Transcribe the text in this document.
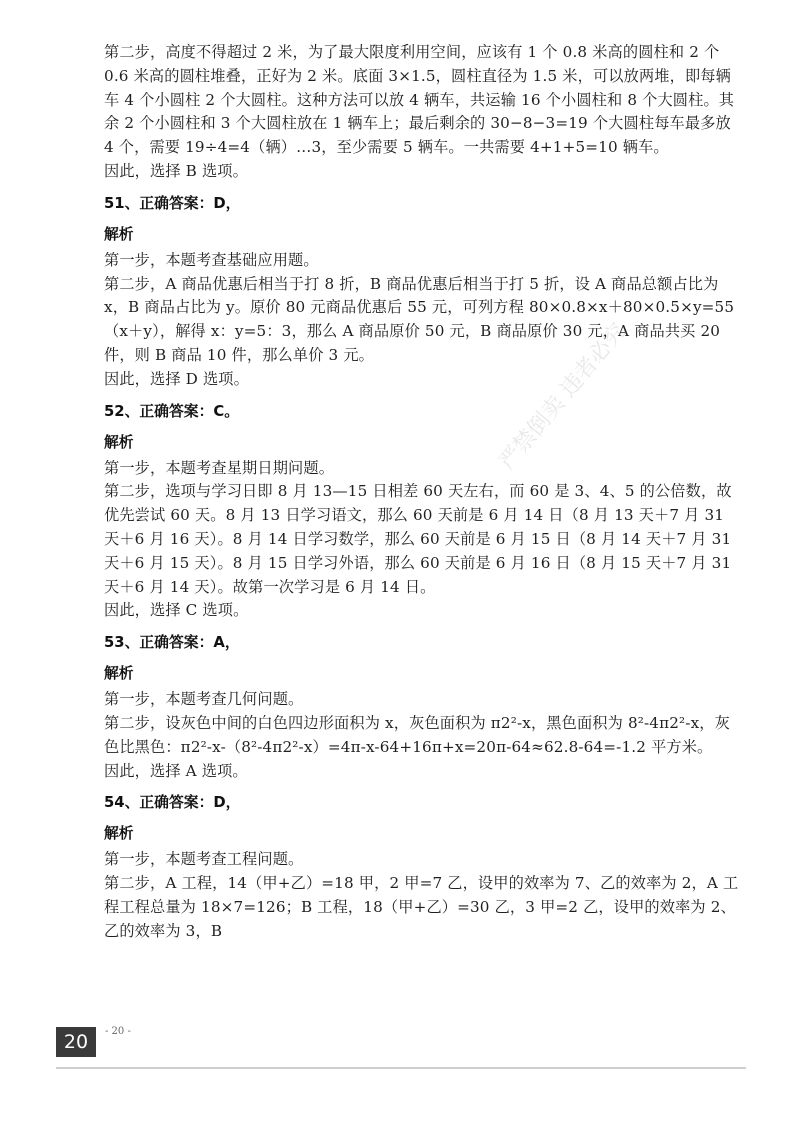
第二步，高度不得超过 2 米，为了最大限度利用空间，应该有 1 个 0.8 米高的圆柱和 2 个 0.6 米高的圆柱堆叠，正好为 2 米。底面 3×1.5，圆柱直径为 1.5 米，可以放两堆，即每辆车 4 个小圆柱 2 个大圆柱。这种方法可以放 4 辆车，共运输 16 个小圆柱和 8 个大圆柱。其余 2 个小圆柱和 3 个大圆柱放在 1 辆车上；最后剩余的 30−8−3=19 个大圆柱每车最多放 4 个，需要 19÷4=4（辆）…3，至少需要 5 辆车。一共需要 4+1+5=10 辆车。

因此，选择 B 选项。

51、正确答案：D，

解析

第一步，本题考查基础应用题。

第二步，A 商品优惠后相当于打 8 折，B 商品优惠后相当于打 5 折，设 A 商品总额占比为 x，B 商品占比为 y。原价 80 元商品优惠后 55 元，可列方程 80×0.8×x＋80×0.5×y=55（x＋y），解得 x：y=5：3，那么 A 商品原价 50 元，B 商品原价 30 元，A 商品共买 20 件，则 B 商品 10 件，那么单价 3 元。

因此，选择 D 选项。

52、正确答案：C。

解析

第一步，本题考查星期日期问题。

第二步，选项与学习日即 8 月 13—15 日相差 60 天左右，而 60 是 3、4、5 的公倍数，故优先尝试 60 天。8 月 13 日学习语文，那么 60 天前是 6 月 14 日（8 月 13 天＋7 月 31 天＋6 月 16 天）。8 月 14 日学习数学，那么 60 天前是 6 月 15 日（8 月 14 天＋7 月 31 天＋6 月 15 天）。8 月 15 日学习外语，那么 60 天前是 6 月 16 日（8 月 15 天＋7 月 31 天＋6 月 14 天）。故第一次学习是 6 月 14 日。

因此，选择 C 选项。

53、正确答案：A，

解析

第一步，本题考查几何问题。

第二步，设灰色中间的白色四边形面积为 x，灰色面积为 π2²-x，黑色面积为 8²-4π2²-x，灰色比黑色：π2²-x-（8²-4π2²-x）=4π-x-64+16π+x=20π-64≈62.8-64=-1.2 平方米。

因此，选择 A 选项。

54、正确答案：D，

解析

第一步，本题考查工程问题。

第二步，A 工程，14（甲+乙）=18 甲，2 甲=7 乙，设甲的效率为 7、乙的效率为 2，A 工程工程总量为 18×7=126；B 工程，18（甲+乙）=30 乙，3 甲=2 乙，设甲的效率为 2、乙的效率为 3，B

严禁倒卖 违者必究
20	- 20 -
